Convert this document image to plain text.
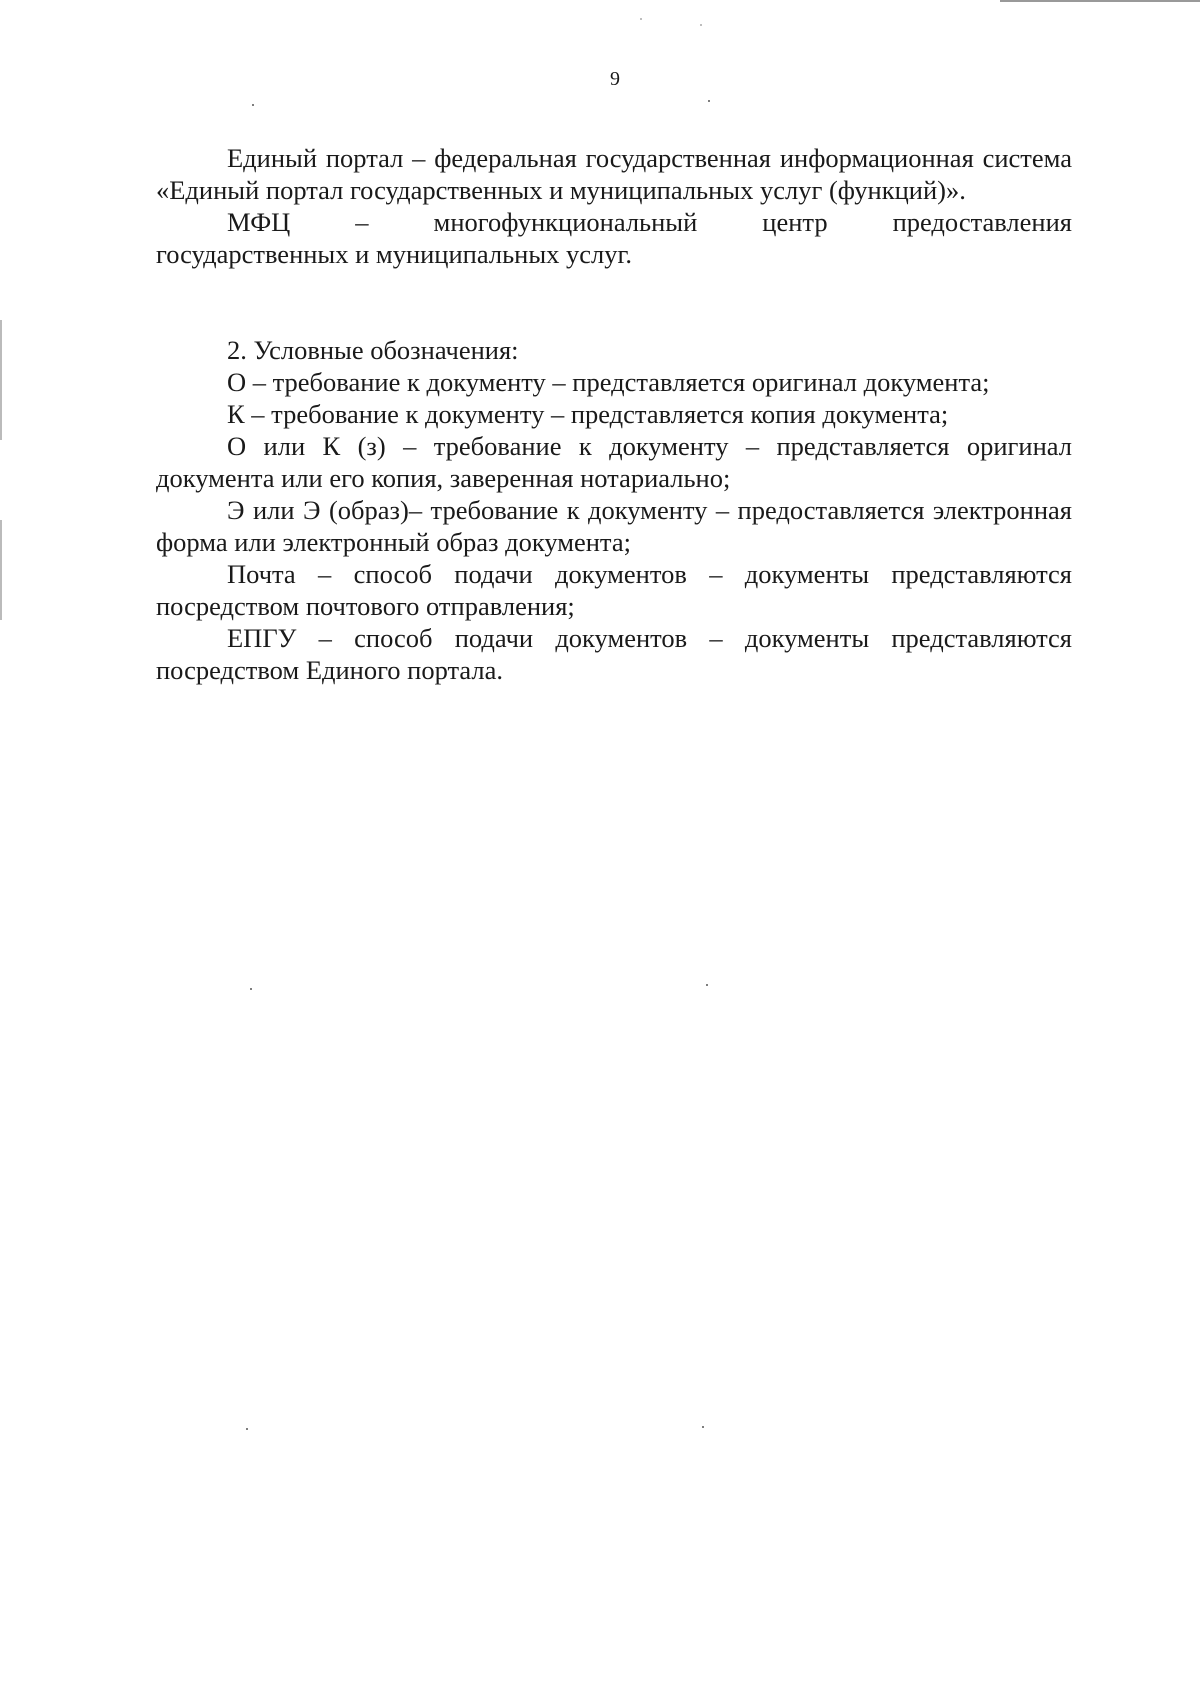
9

Единый портал – федеральная государственная информационная система «Единый портал государственных и муниципальных услуг (функций)».

МФЦ – многофункциональный центр предоставления

государственных и муниципальных услуг.

2. Условные обозначения:

О – требование к документу – представляется оригинал документа;

К – требование к документу – представляется копия документа;

О или К (з) – требование к документу – представляется оригинал документа или его копия, заверенная нотариально;

Э или Э (образ)– требование к документу – предоставляется электронная форма или электронный образ документа;

Почта – способ подачи документов – документы представляются посредством почтового отправления;

ЕПГУ – способ подачи документов – документы представляются посредством Единого портала.
